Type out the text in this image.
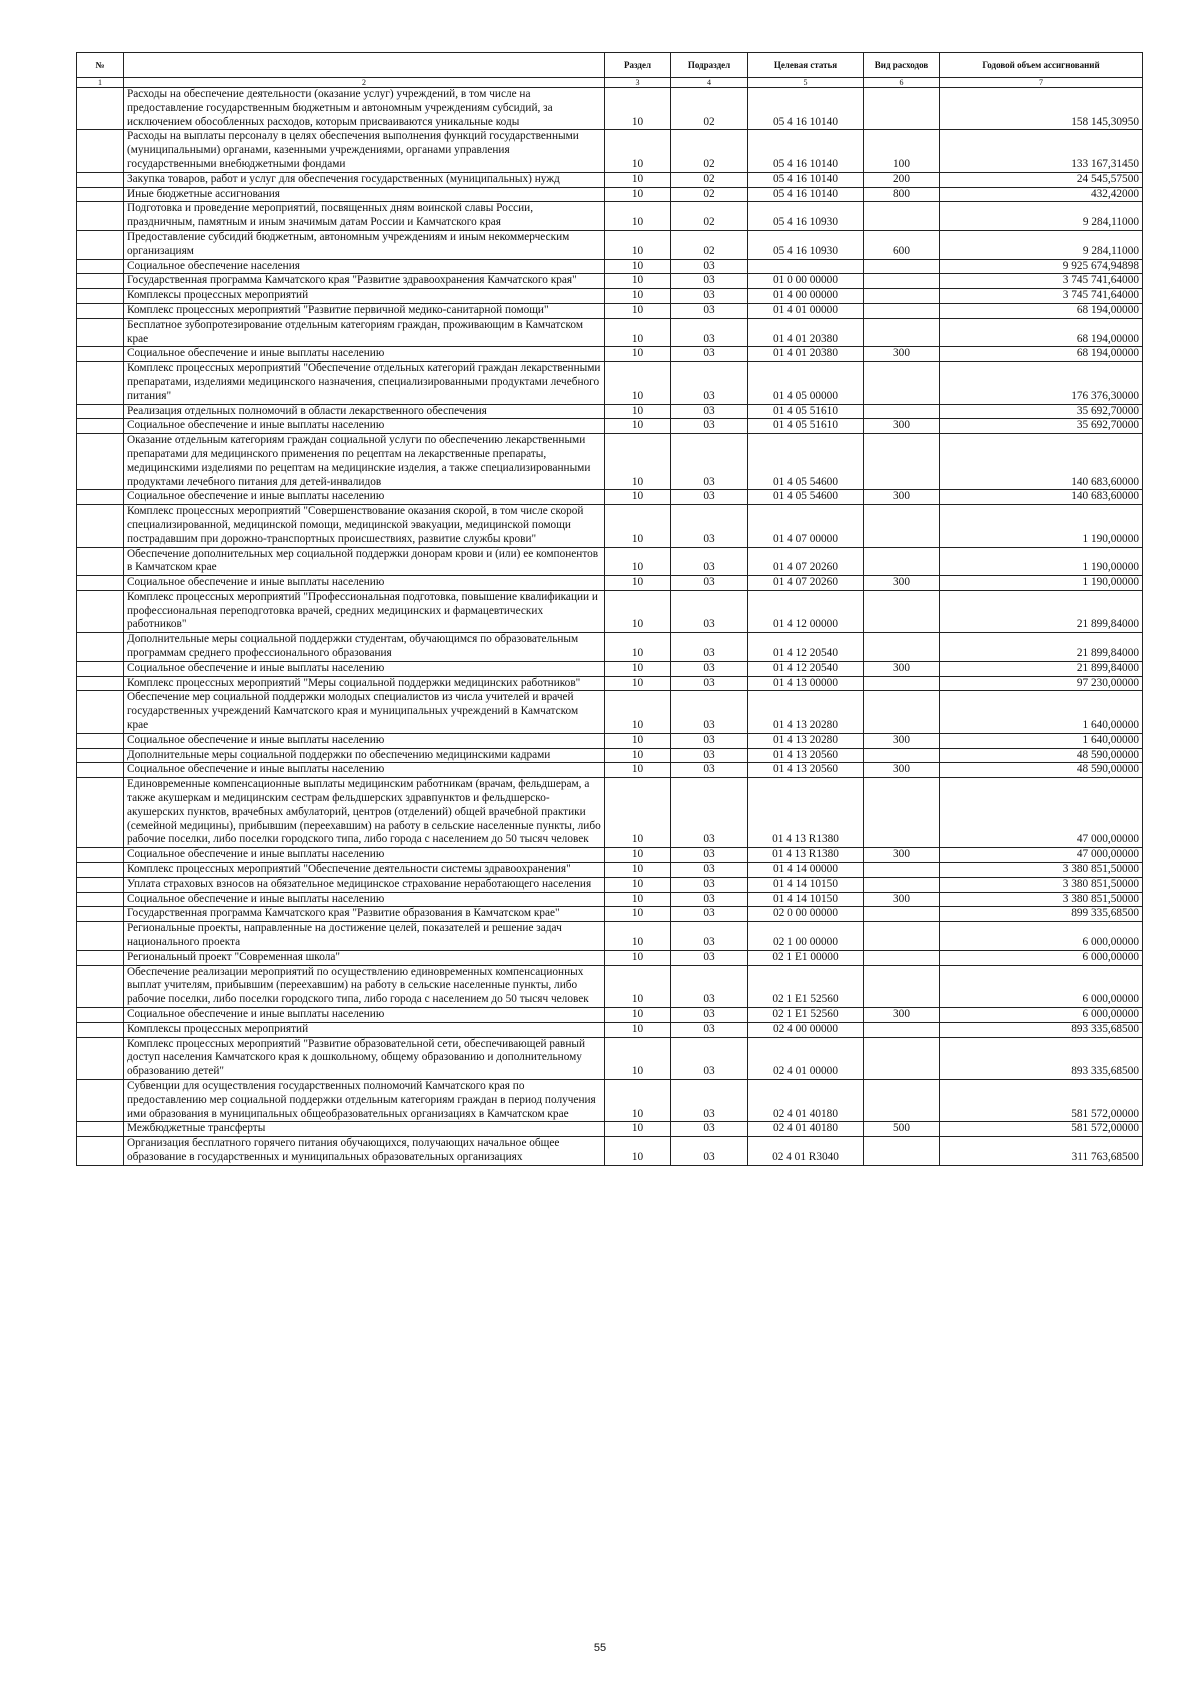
№		Раздел	Подраздел	Целевая статья	Вид расходов	Годовой объем ассигнований
1	2	3	4	5	6	7
	Расходы на обеспечение деятельности (оказание услуг) учреждений, в том числе на предоставление государственным бюджетным и автономным учреждениям субсидий, за исключением обособленных расходов, которым присваиваются уникальные коды	10	02	05 4 16 10140		158 145,30950
	Расходы на выплаты персоналу в целях обеспечения выполнения функций государственными (муниципальными) органами, казенными учреждениями, органами управления государственными внебюджетными фондами	10	02	05 4 16 10140	100	133 167,31450
	Закупка товаров, работ и услуг для обеспечения государственных (муниципальных) нужд	10	02	05 4 16 10140	200	24 545,57500
	Иные бюджетные ассигнования	10	02	05 4 16 10140	800	432,42000
	Подготовка и проведение мероприятий, посвященных дням воинской славы России, праздничным, памятным и иным значимым датам России и Камчатского края	10	02	05 4 16 10930		9 284,11000
	Предоставление субсидий бюджетным, автономным учреждениям и иным некоммерческим организациям	10	02	05 4 16 10930	600	9 284,11000
	Социальное обеспечение населения	10	03			9 925 674,94898
	Государственная программа Камчатского края "Развитие здравоохранения Камчатского края"	10	03	01 0 00 00000		3 745 741,64000
	Комплексы процессных мероприятий	10	03	01 4 00 00000		3 745 741,64000
	Комплекс процессных мероприятий "Развитие первичной медико-санитарной помощи"	10	03	01 4 01 00000		68 194,00000
	Бесплатное зубопротезирование отдельным категориям граждан, проживающим в Камчатском крае	10	03	01 4 01 20380		68 194,00000
	Социальное обеспечение и иные выплаты населению	10	03	01 4 01 20380	300	68 194,00000
	Комплекс процессных мероприятий "Обеспечение отдельных категорий граждан лекарственными препаратами, изделиями медицинского назначения, специализированными продуктами лечебного питания"	10	03	01 4 05 00000		176 376,30000
	Реализация отдельных полномочий в области лекарственного обеспечения	10	03	01 4 05 51610		35 692,70000
	Социальное обеспечение и иные выплаты населению	10	03	01 4 05 51610	300	35 692,70000
	Оказание отдельным категориям граждан социальной услуги по обеспечению лекарственными препаратами для медицинского применения по рецептам на лекарственные препараты, медицинскими изделиями по рецептам на медицинские изделия, а также специализированными продуктами лечебного питания для детей-инвалидов	10	03	01 4 05 54600		140 683,60000
	Социальное обеспечение и иные выплаты населению	10	03	01 4 05 54600	300	140 683,60000
	Комплекс процессных мероприятий "Совершенствование оказания скорой, в том числе скорой специализированной, медицинской помощи, медицинской эвакуации, медицинской помощи пострадавшим при дорожно-транспортных происшествиях, развитие службы крови"	10	03	01 4 07 00000		1 190,00000
	Обеспечение дополнительных мер социальной поддержки донорам крови и (или) ее компонентов в Камчатском крае	10	03	01 4 07 20260		1 190,00000
	Социальное обеспечение и иные выплаты населению	10	03	01 4 07 20260	300	1 190,00000
	Комплекс процессных мероприятий "Профессиональная подготовка, повышение квалификации и профессиональная переподготовка врачей, средних медицинских и фармацевтических работников"	10	03	01 4 12 00000		21 899,84000
	Дополнительные меры социальной поддержки студентам, обучающимся по образовательным программам среднего профессионального образования	10	03	01 4 12 20540		21 899,84000
	Социальное обеспечение и иные выплаты населению	10	03	01 4 12 20540	300	21 899,84000
	Комплекс процессных мероприятий "Меры социальной поддержки медицинских работников"	10	03	01 4 13 00000		97 230,00000
	Обеспечение мер социальной поддержки молодых специалистов из числа учителей и врачей государственных учреждений Камчатского края и муниципальных учреждений в Камчатском крае	10	03	01 4 13 20280		1 640,00000
	Социальное обеспечение и иные выплаты населению	10	03	01 4 13 20280	300	1 640,00000
	Дополнительные меры социальной поддержки по обеспечению медицинскими кадрами	10	03	01 4 13 20560		48 590,00000
	Социальное обеспечение и иные выплаты населению	10	03	01 4 13 20560	300	48 590,00000
	Единовременные компенсационные выплаты медицинским работникам (врачам, фельдшерам, а также акушеркам и медицинским сестрам фельдшерских здравпунктов и фельдшерско-акушерских пунктов, врачебных амбулаторий, центров (отделений) общей врачебной практики (семейной медицины), прибывшим (переехавшим) на работу в сельские населенные пункты, либо рабочие поселки, либо поселки городского типа, либо города с населением до 50 тысяч человек	10	03	01 4 13 R1380		47 000,00000
	Социальное обеспечение и иные выплаты населению	10	03	01 4 13 R1380	300	47 000,00000
	Комплекс процессных мероприятий "Обеспечение деятельности системы здравоохранения"	10	03	01 4 14 00000		3 380 851,50000
	Уплата страховых взносов на обязательное медицинское страхование неработающего населения	10	03	01 4 14 10150		3 380 851,50000
	Социальное обеспечение и иные выплаты населению	10	03	01 4 14 10150	300	3 380 851,50000
	Государственная программа Камчатского края "Развитие образования в Камчатском крае"	10	03	02 0 00 00000		899 335,68500
	Региональные проекты, направленные на достижение целей, показателей и решение задач национального проекта	10	03	02 1 00 00000		6 000,00000
	Региональный проект "Современная школа"	10	03	02 1 E1 00000		6 000,00000
	Обеспечение реализации мероприятий по осуществлению единовременных компенсационных выплат учителям, прибывшим (переехавшим) на работу в сельские населенные пункты, либо рабочие поселки, либо поселки городского типа, либо города с населением до 50 тысяч человек	10	03	02 1 E1 52560		6 000,00000
	Социальное обеспечение и иные выплаты населению	10	03	02 1 E1 52560	300	6 000,00000
	Комплексы процессных мероприятий	10	03	02 4 00 00000		893 335,68500
	Комплекс процессных мероприятий "Развитие образовательной сети, обеспечивающей равный доступ населения Камчатского края к дошкольному, общему образованию и дополнительному образованию детей"	10	03	02 4 01 00000		893 335,68500
	Субвенции для осуществления государственных полномочий Камчатского края по предоставлению мер социальной поддержки отдельным категориям граждан в период получения ими образования в муниципальных общеобразовательных организациях в Камчатском крае	10	03	02 4 01 40180		581 572,00000
	Межбюджетные трансферты	10	03	02 4 01 40180	500	581 572,00000
	Организация бесплатного горячего питания обучающихся, получающих начальное общее образование в государственных и муниципальных образовательных организациях	10	03	02 4 01 R3040		311 763,68500
55
